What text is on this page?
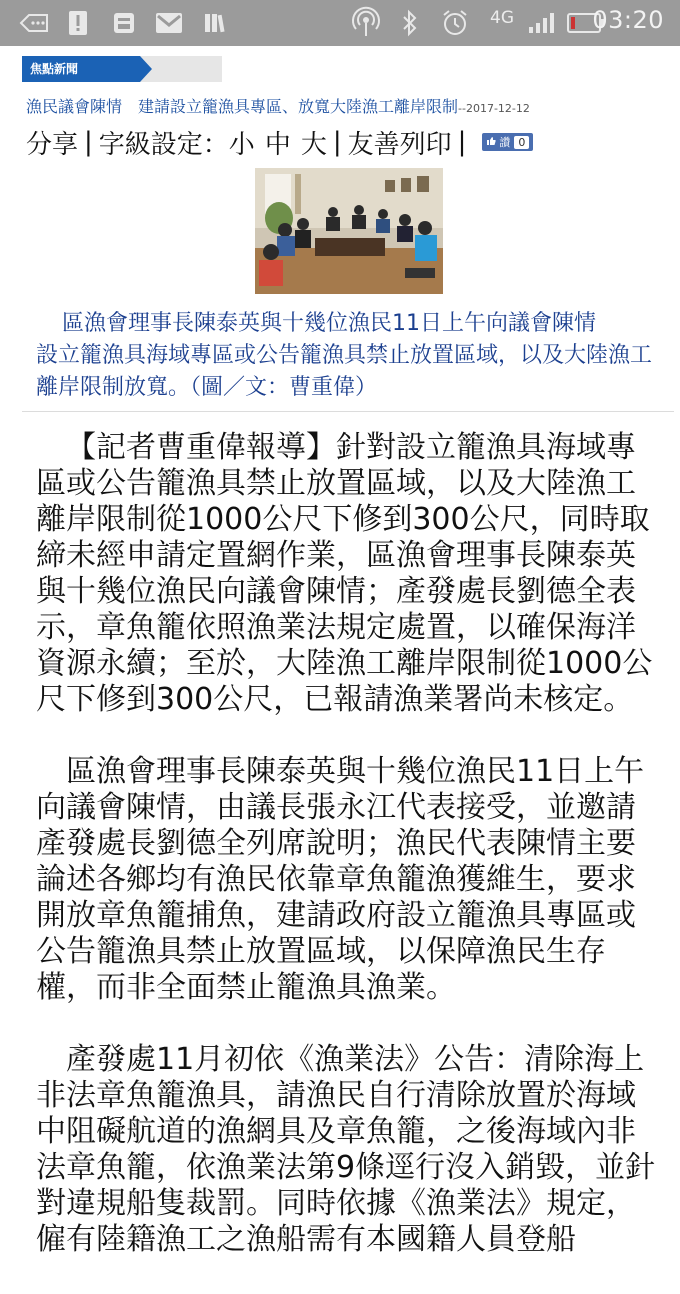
4G	03:20
焦點新聞
漁民議會陳情　建請設立籠漁具專區、放寬大陸漁工離岸限制--2017-12-12
分享 | 字級設定： 小 中 大 | 友善列印 |	讚 0
區漁會理事長陳泰英與十幾位漁民11日上午向議會陳情
設立籠漁具海域專區或公告籠漁具禁止放置區域，以及大陸漁工離岸限制放寬。（圖／文：曹重偉）

【記者曹重偉報導】針對設立籠漁具海域專區或公告籠漁具禁止放置區域，以及大陸漁工離岸限制從1000公尺下修到300公尺，同時取締未經申請定置網作業，區漁會理事長陳泰英與十幾位漁民向議會陳情；產發處長劉德全表示，章魚籠依照漁業法規定處置，以確保海洋資源永續；至於，大陸漁工離岸限制從1000公尺下修到300公尺，已報請漁業署尚未核定。

區漁會理事長陳泰英與十幾位漁民11日上午向議會陳情，由議長張永江代表接受，並邀請產發處長劉德全列席說明；漁民代表陳情主要論述各鄉均有漁民依靠章魚籠漁獲維生，要求開放章魚籠捕魚，建請政府設立籠漁具專區或公告籠漁具禁止放置區域，以保障漁民生存權，而非全面禁止籠漁具漁業。

產發處11月初依《漁業法》公告：清除海上非法章魚籠漁具，請漁民自行清除放置於海域中阻礙航道的漁網具及章魚籠，之後海域內非法章魚籠，依漁業法第9條逕行沒入銷毀，並針對違規船隻裁罰。同時依據《漁業法》規定，僱有陸籍漁工之漁船需有本國籍人員登船
